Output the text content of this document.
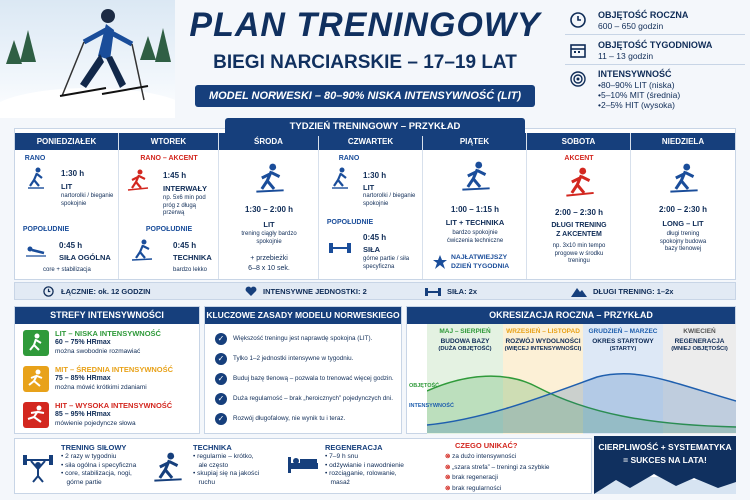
PLAN TRENINGOWY
BIEGI NARCIARSKIE – 17–19 LAT
MODEL NORWESKI – 80–90% NISKA INTENSYWNOŚĆ (LIT)
OBJĘTOŚĆ ROCZNA
600 – 650 godzin
OBJĘTOŚĆ TYGODNIOWA
11 – 13 godzin
INTENSYWNOŚĆ
•80–90% LIT (niska)
•5–10% MIT (średnia)
•2–5% HIT (wysoka)
PONIEDZIAŁEK
RANO
1:30 h
LIT
nartorolki / bieganie spokojnie
POPOŁUDNIE
0:45 h
SIŁA OGÓLNA
core + stabilizacja
WTOREK
RANO – AKCENT
1:45 h
INTERWAŁY
np. 5x6 min pod próg z długą przerwą
POPOŁUDNIE
0:45 h
TECHNIKA
bardzo lekko
ŚRODA
1:30 – 2:00 h
LIT
trening ciągły bardzo spokojnie
+ przebieżki
6–8 x 10 sek.
CZWARTEK
RANO
1:30 h
LIT
nartorolki / bieganie spokojnie
POPOŁUDNIE
0:45 h
SIŁA
górne partie / siła specyficzna
PIĄTEK
1:00 – 1:15 h
LIT + TECHNIKA
bardzo spokojnie ćwiczenia techniczne
NAJŁATWIEJSZY
DZIEŃ TYGODNIA
SOBOTA
AKCENT
2:00 – 2:30 h
DŁUGI TRENING
Z AKCENTEM
np. 3x10 min tempo progowe w środku treningu
NIEDZIELA
2:00 – 2:30 h
LONG – LIT
długi trening spokojny budowa bazy tlenowej
TYDZIEŃ TRENINGOWY – PRZYKŁAD
ŁĄCZNIE: ok. 12 GODZIN	INTENSYWNE JEDNOSTKI: 2	SIŁA: 2x	DŁUGI TRENING: 1–2x
STREFY INTENSYWNOŚCI
LIT – NISKA INTENSYWNOŚĆ
60 – 75% HRmax
można swobodnie rozmawiać
MIT – ŚREDNIA INTENSYWNOŚĆ
75 – 85% HRmax
można mówić krótkimi zdaniami
HIT – WYSOKA INTENSYWNOŚĆ
85 – 95% HRmax
mówienie pojedyncze słowa
KLUCZOWE ZASADY MODELU NORWESKIEGO
✓	Większość treningu jest naprawdę spokojna (LIT).
✓	Tylko 1–2 jednostki intensywne w tygodniu.
✓	Buduj bazę tlenową – pozwala to trenować więcej godzin.
✓	Duża regularność – brak „heroicznych” pojedynczych dni.
✓	Rozwój długofalowy, nie wynik tu i teraz.
OKRESIZACJA ROCZNA – PRZYKŁAD
MAJ – SIERPIEŃ
BUDOWA BAZY
(DUŻA OBJĘTOŚĆ)
WRZESIEŃ – LISTOPAD
ROZWÓJ WYDOLNOŚCI
(WIĘCEJ INTENSYWNOŚCI)
GRUDZIEŃ – MARZEC
OKRES STARTOWY
(STARTY)
KWIECIEŃ
REGENERACJA
(MNIEJ OBJĘTOŚCI)
OBJĘTOŚĆ
INTENSYWNOŚĆ
TRENING SIŁOWY
• 2 razy w tygodniu
• siła ogólna i specyficzna
• core, stabilizacja, nogi,
górne partie
TECHNIKA
• regularnie – krótko,
ale często
• skupiaj się na jakości
ruchu
REGENERACJA
• 7–9 h snu
• odżywianie i nawodnienie
• rozciąganie, rolowanie,
masaż
CZEGO UNIKAĆ?
⊗ za dużo intensywności
⊗ „szara strefa” – treningi za szybkie
⊗ brak regeneracji
⊗ brak regularności
CIERPLIWOŚĆ + SYSTEMATYKA
= SUKCES NA LATA!
